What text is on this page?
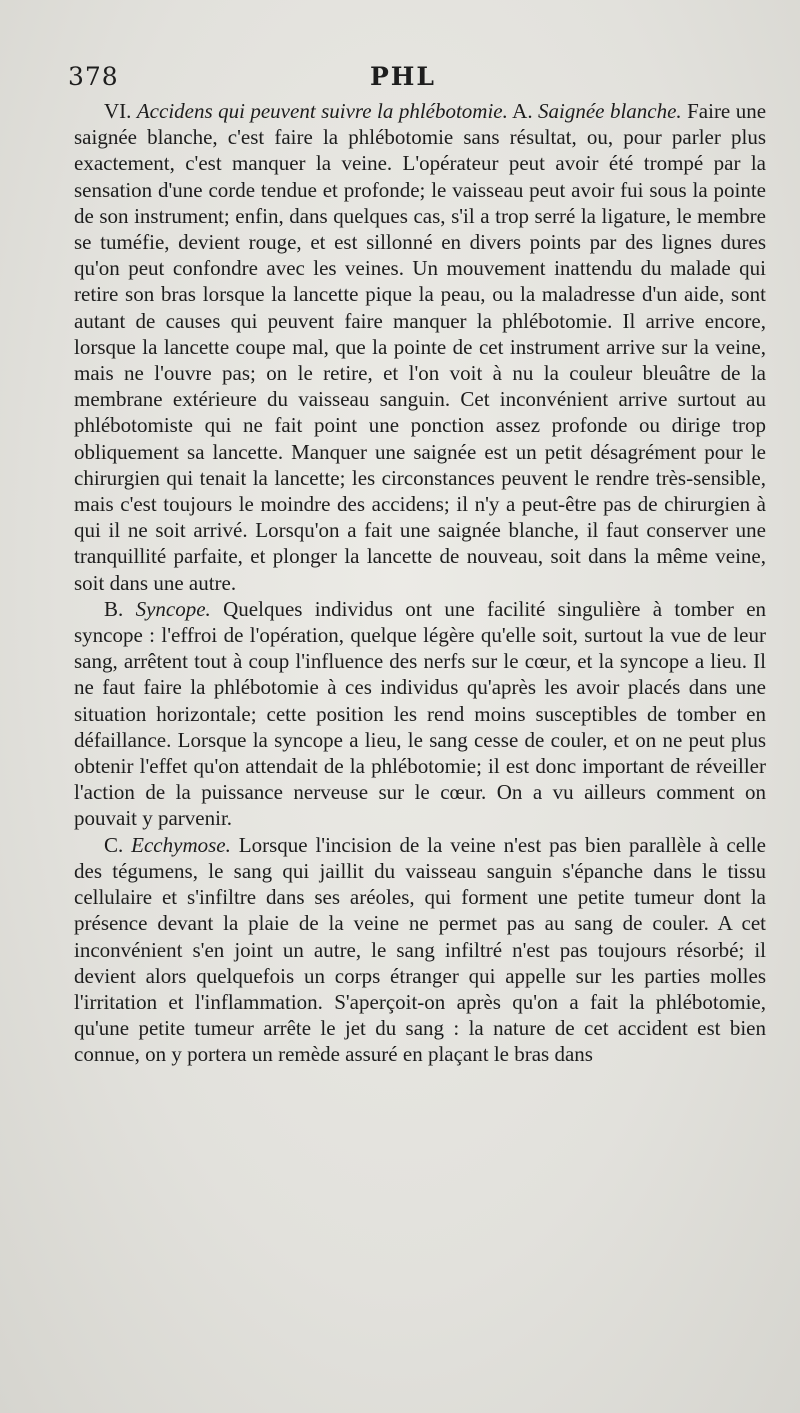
378	PHL

VI. Accidens qui peuvent suivre la phlébotomie. A. Saignée blanche. Faire une saignée blanche, c'est faire la phlébotomie sans résultat, ou, pour parler plus exactement, c'est manquer la veine. L'opérateur peut avoir été trompé par la sensation d'une corde tendue et profonde; le vaisseau peut avoir fui sous la pointe de son instrument; enfin, dans quelques cas, s'il a trop serré la ligature, le membre se tuméfie, devient rouge, et est sillonné en divers points par des lignes dures qu'on peut confondre avec les veines. Un mouvement inattendu du malade qui retire son bras lorsque la lancette pique la peau, ou la maladresse d'un aide, sont autant de causes qui peuvent faire manquer la phlébotomie. Il arrive encore, lorsque la lancette coupe mal, que la pointe de cet instrument arrive sur la veine, mais ne l'ouvre pas; on le retire, et l'on voit à nu la couleur bleuâtre de la membrane extérieure du vaisseau sanguin. Cet inconvénient arrive surtout au phlébotomiste qui ne fait point une ponction assez profonde ou dirige trop obliquement sa lancette. Manquer une saignée est un petit désagrément pour le chirurgien qui tenait la lancette; les circonstances peuvent le rendre très-sensible, mais c'est toujours le moindre des accidens; il n'y a peut-être pas de chirurgien à qui il ne soit arrivé. Lorsqu'on a fait une saignée blanche, il faut conserver une tranquillité parfaite, et plonger la lancette de nouveau, soit dans la même veine, soit dans une autre.

B. Syncope. Quelques individus ont une facilité singulière à tomber en syncope : l'effroi de l'opération, quelque légère qu'elle soit, surtout la vue de leur sang, arrêtent tout à coup l'influence des nerfs sur le cœur, et la syncope a lieu. Il ne faut faire la phlébotomie à ces individus qu'après les avoir placés dans une situation horizontale; cette position les rend moins susceptibles de tomber en défaillance. Lorsque la syncope a lieu, le sang cesse de couler, et on ne peut plus obtenir l'effet qu'on attendait de la phlébotomie; il est donc important de réveiller l'action de la puissance nerveuse sur le cœur. On a vu ailleurs comment on pouvait y parvenir.

C. Ecchymose. Lorsque l'incision de la veine n'est pas bien parallèle à celle des tégumens, le sang qui jaillit du vaisseau sanguin s'épanche dans le tissu cellulaire et s'infiltre dans ses aréoles, qui forment une petite tumeur dont la présence devant la plaie de la veine ne permet pas au sang de couler. A cet inconvénient s'en joint un autre, le sang infiltré n'est pas toujours résorbé; il devient alors quelquefois un corps étranger qui appelle sur les parties molles l'irritation et l'inflammation. S'aperçoit-on après qu'on a fait la phlébotomie, qu'une petite tumeur arrête le jet du sang : la nature de cet accident est bien connue, on y portera un remède assuré en plaçant le bras dans
